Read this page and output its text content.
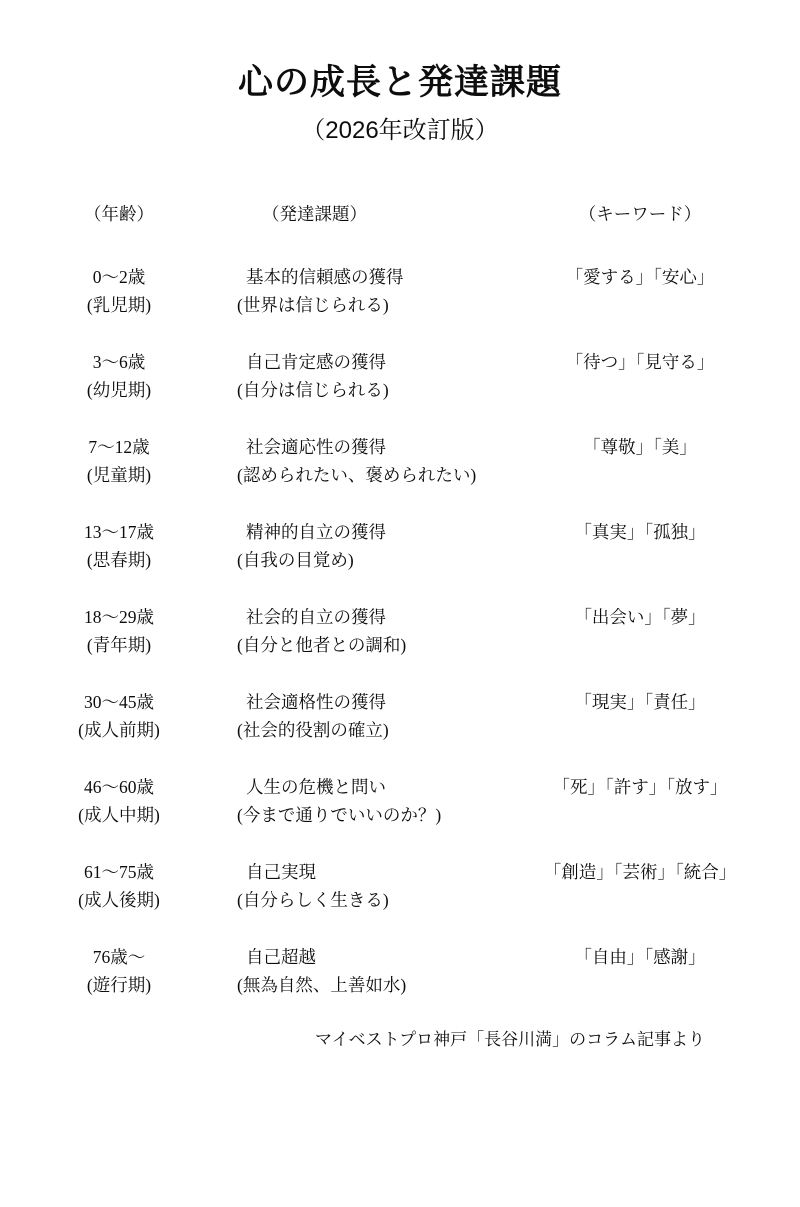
心の成長と発達課題
（2026年改訂版）
（年齢）	（発達課題）	（キーワード）
0～2歳
(乳児期)
基本的信頼感の獲得
(世界は信じられる)
「愛する」「安心」
3～6歳
(幼児期)
自己肯定感の獲得
(自分は信じられる)
「待つ」「見守る」
7～12歳
(児童期)
社会適応性の獲得
(認められたい、褒められたい)
「尊敬」「美」
13～17歳
(思春期)
精神的自立の獲得
(自我の目覚め)
「真実」「孤独」
18～29歳
(青年期)
社会的自立の獲得
(自分と他者との調和)
「出会い」「夢」
30～45歳
(成人前期)
社会適格性の獲得
(社会的役割の確立)
「現実」「責任」
46～60歳
(成人中期)
人生の危機と問い
(今まで通りでいいのか？)
「死」「許す」「放す」
61～75歳
(成人後期)
自己実現
(自分らしく生きる)
「創造」「芸術」「統合」
76歳～
(遊行期)
自己超越
(無為自然、上善如水)
「自由」「感謝」
マイベストプロ神戸「長谷川満」のコラム記事より
